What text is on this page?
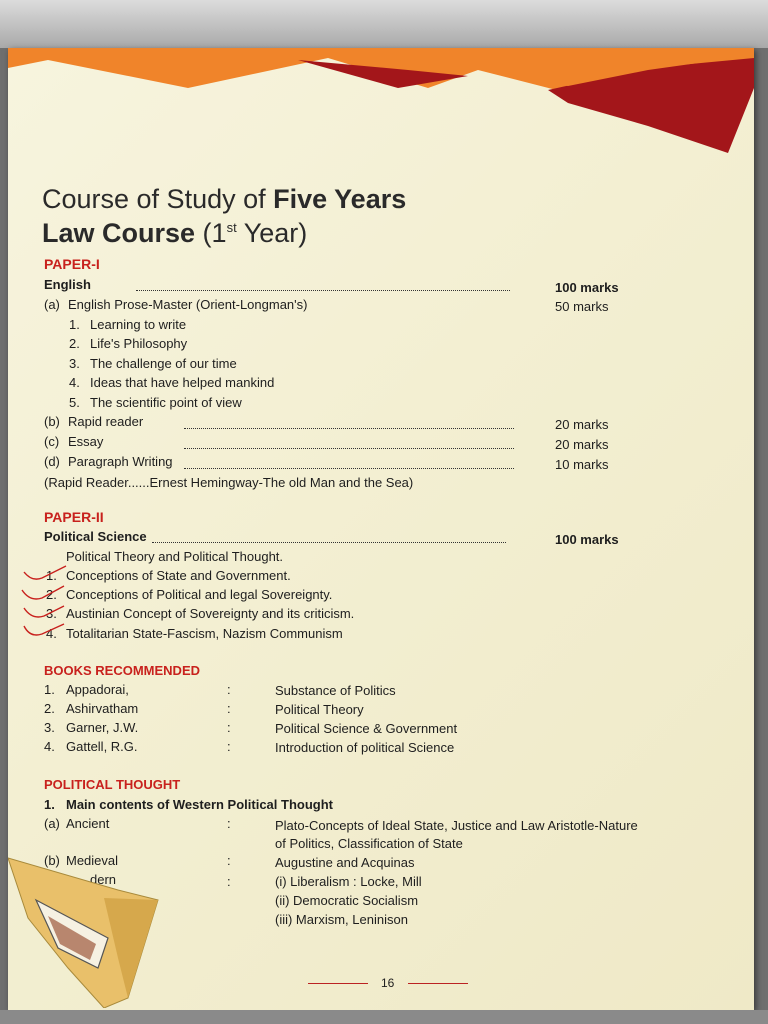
Course of Study of Five Years
Law Course (1st Year)
PAPER-I
English	100 marks
(a) English Prose-Master (Orient-Longman's)	50 marks
1. Learning to write
2. Life's Philosophy
3. The challenge of our time
4. Ideas that have helped mankind
5. The scientific point of view
(b) Rapid reader	20 marks
(c) Essay	20 marks
(d) Paragraph Writing	10 marks
(Rapid Reader......Ernest Hemingway-The old Man and the Sea)
PAPER-II
Political Science	100 marks
Political Theory and Political Thought.
1. Conceptions of State and Government.
2. Conceptions of Political and legal Sovereignty.
3. Austinian Concept of Sovereignty and its criticism.
4. Totalitarian State-Fascism, Nazism Communism
BOOKS RECOMMENDED
1. Appadorai,	:	Substance of Politics
2. Ashirvatham	:	Political Theory
3. Garner, J.W.	:	Political Science & Government
4. Gattell, R.G.	:	Introduction of political Science
POLITICAL THOUGHT
1. Main contents of Western Political Thought
(a) Ancient	:	Plato-Concepts of Ideal State, Justice and Law Aristotle-Nature
of Politics, Classification of State
(b) Medieval	:	Augustine and Acquinas
dern	:	(i) Liberalism : Locke, Mill
(ii) Democratic Socialism
(iii) Marxism, Leninison
16
